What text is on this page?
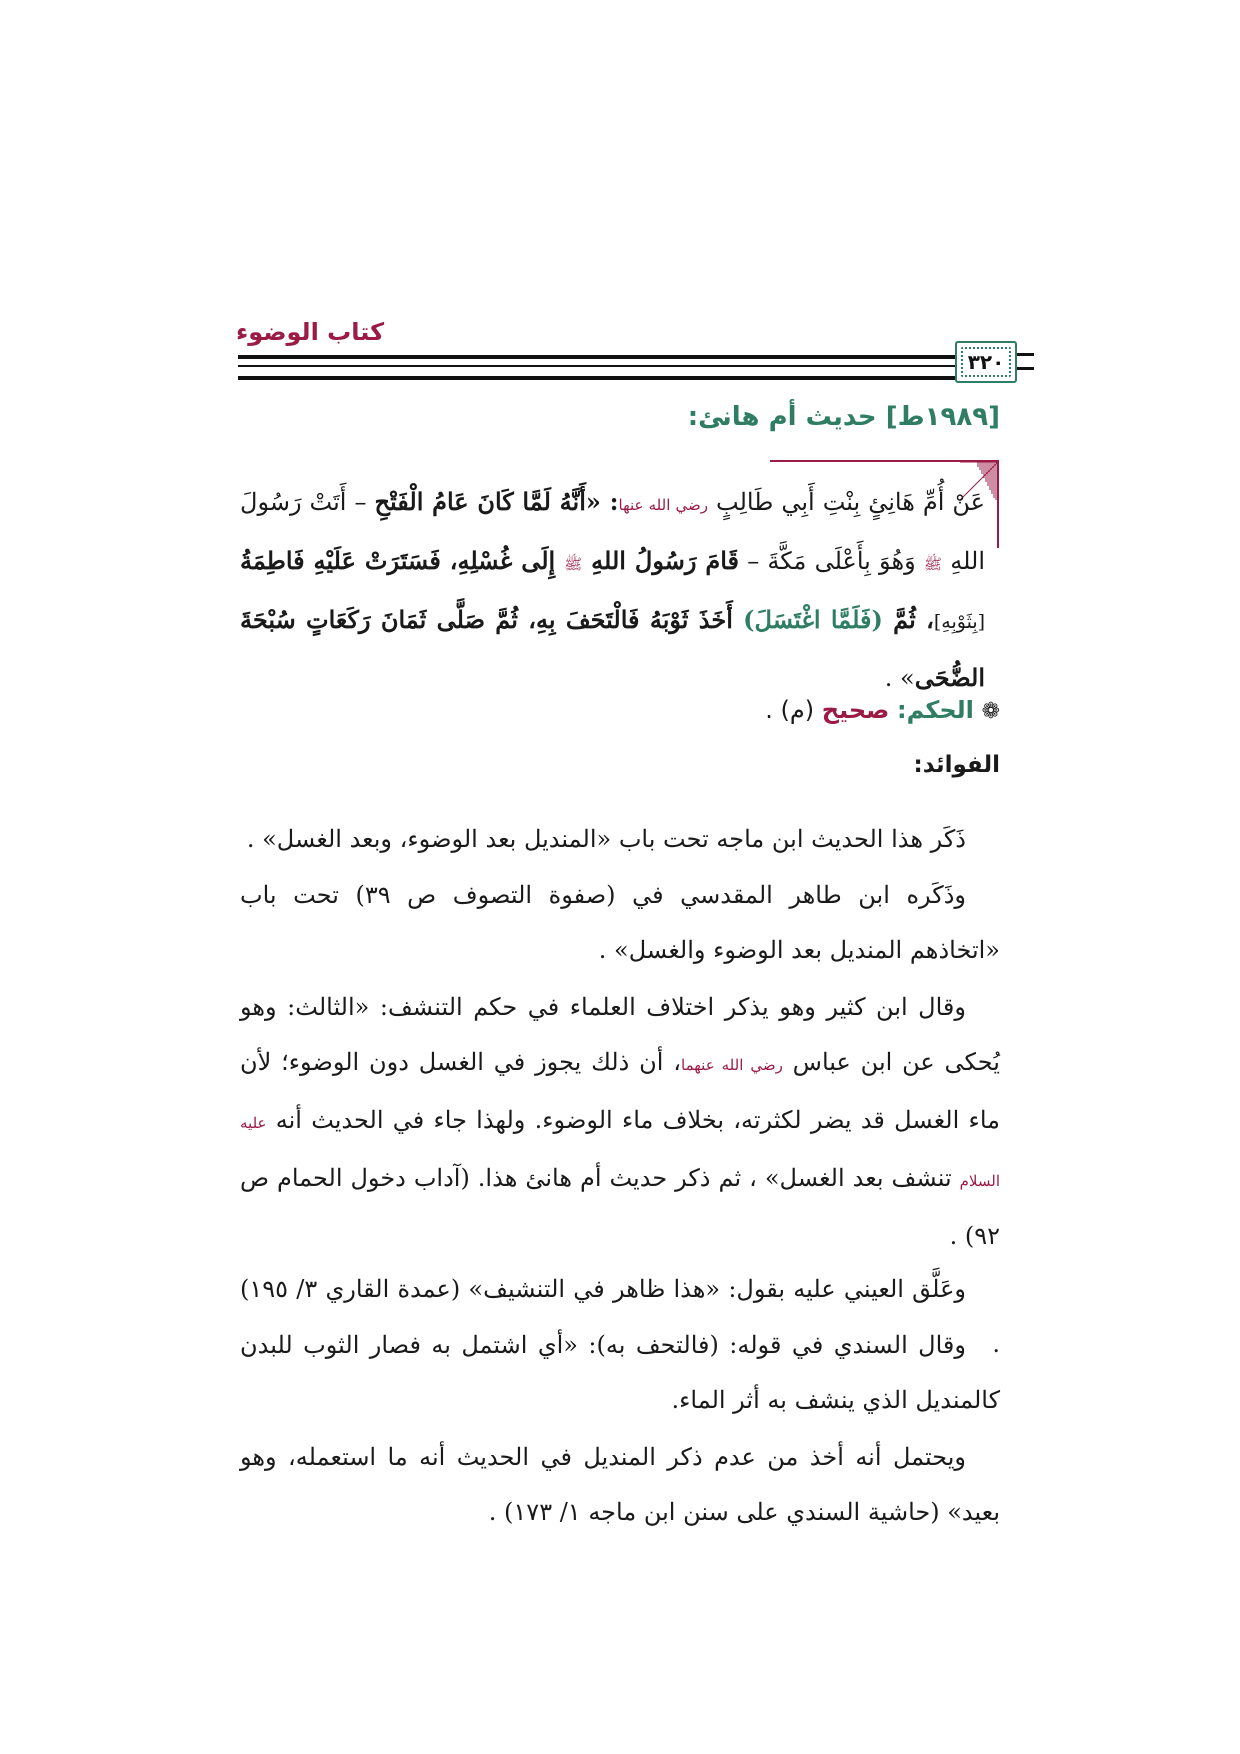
كتاب الوضوء
٣٢٠
[١٩٨٩ط] حديث أم هانئ:
عَنْ أُمِّ هَانِئٍ بِنْتِ أَبِي طَالِبٍ رضي الله عنها: «أَنَّهُ لَمَّا كَانَ عَامُ الْفَتْحِ – أَتَتْ رَسُولَ اللهِ ﷺ وَهُوَ بِأَعْلَى مَكَّةَ – قَامَ رَسُولُ اللهِ ﷺ إِلَى غُسْلِهِ، فَسَتَرَتْ عَلَيْهِ فَاطِمَةُ [بِثَوْبِهِ]، ثُمَّ (فَلَمَّا اغْتَسَلَ) أَخَذَ ثَوْبَهُ فَالْتَحَفَ بِهِ، ثُمَّ صَلَّى ثَمَانَ رَكَعَاتٍ سُبْحَةَ الضُّحَى» .
❁ الحكم: صحيح (م) .
الفوائد:
ذَكَر هذا الحديث ابن ماجه تحت باب «المنديل بعد الوضوء، وبعد الغسل» .
وذَكَره ابن طاهر المقدسي في (صفوة التصوف ص ٣٩) تحت باب «اتخاذهم المنديل بعد الوضوء والغسل» .
وقال ابن كثير وهو يذكر اختلاف العلماء في حكم التنشف: «الثالث: وهو يُحكى عن ابن عباس رضي الله عنهما، أن ذلك يجوز في الغسل دون الوضوء؛ لأن ماء الغسل قد يضر لكثرته، بخلاف ماء الوضوء. ولهذا جاء في الحديث أنه عليه السلام تنشف بعد الغسل» ، ثم ذكر حديث أم هانئ هذا. (آداب دخول الحمام ص ٩٢) .
وعَلَّق العيني عليه بقول: «هذا ظاهر في التنشيف» (عمدة القاري ٣/ ١٩٥) .
وقال السندي في قوله: (فالتحف به): «أي اشتمل به فصار الثوب للبدن كالمنديل الذي ينشف به أثر الماء.
ويحتمل أنه أخذ من عدم ذكر المنديل في الحديث أنه ما استعمله، وهو بعيد» (حاشية السندي على سنن ابن ماجه ١/ ١٧٣) .
